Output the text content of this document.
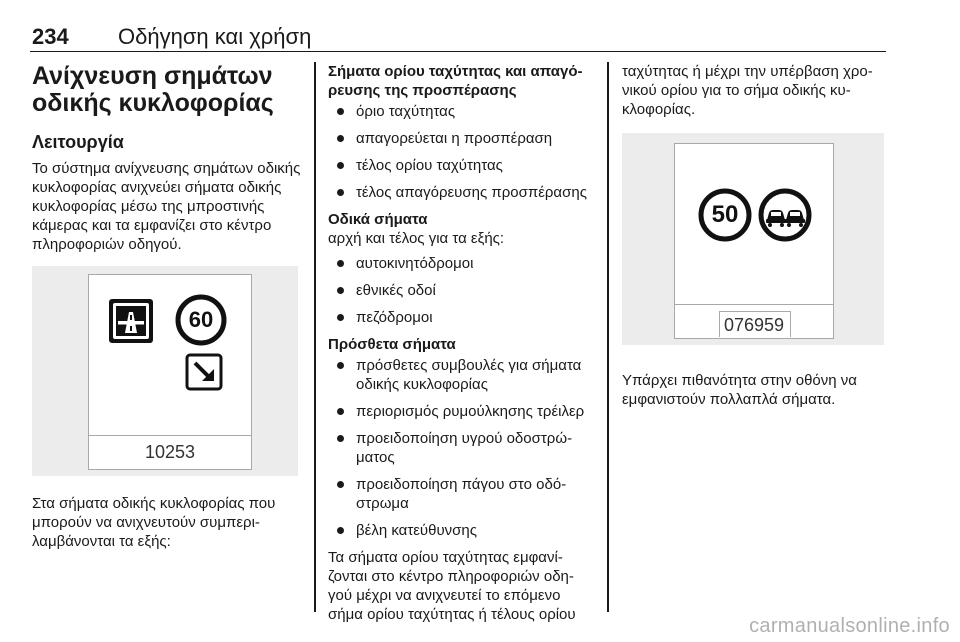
234 Οδήγηση και χρήση
Ανίχνευση σημάτων οδικής κυκλοφορίας
Λειτουργία

Το σύστημα ανίχνευσης σημάτων οδικής κυκλοφορίας ανιχνεύει σήματα οδικής κυκλοφορίας μέσω της μπροστινής κάμερας και τα εμφανίζει στο κέντρο πληροφοριών οδηγού.

60
10253

Στα σήματα οδικής κυκλοφορίας που μπορούν να ανιχνευτούν συμπεριλαμβάνονται τα εξής:

Σήματα ορίου ταχύτητας και απαγόρευσης της προσπέρασης
όριο ταχύτητας
απαγορεύεται η προσπέραση
τέλος ορίου ταχύτητας
τέλος απαγόρευσης προσπέρασης
Οδικά σήματα

αρχή και τέλος για τα εξής:

αυτοκινητόδρομοι
εθνικές οδοί
πεζόδρομοι
Πρόσθετα σήματα
πρόσθετες συμβουλές για σήματα οδικής κυκλοφορίας
περιορισμός ρυμούλκησης τρέιλερ
προειδοποίηση υγρού οδοστρώματος
προειδοποίηση πάγου στο οδόστρωμα
βέλη κατεύθυνσης

Τα σήματα ορίου ταχύτητας εμφανίζονται στο κέντρο πληροφοριών οδηγού μέχρι να ανιχνευτεί το επόμενο σήμα ορίου ταχύτητας ή τέλους ορίου

ταχύτητας ή μέχρι την υπέρβαση χρονικού ορίου για το σήμα οδικής κυκλοφορίας.

50
076959

Υπάρχει πιθανότητα στην οθόνη να εμφανιστούν πολλαπλά σήματα.

carmanualsonline.info
